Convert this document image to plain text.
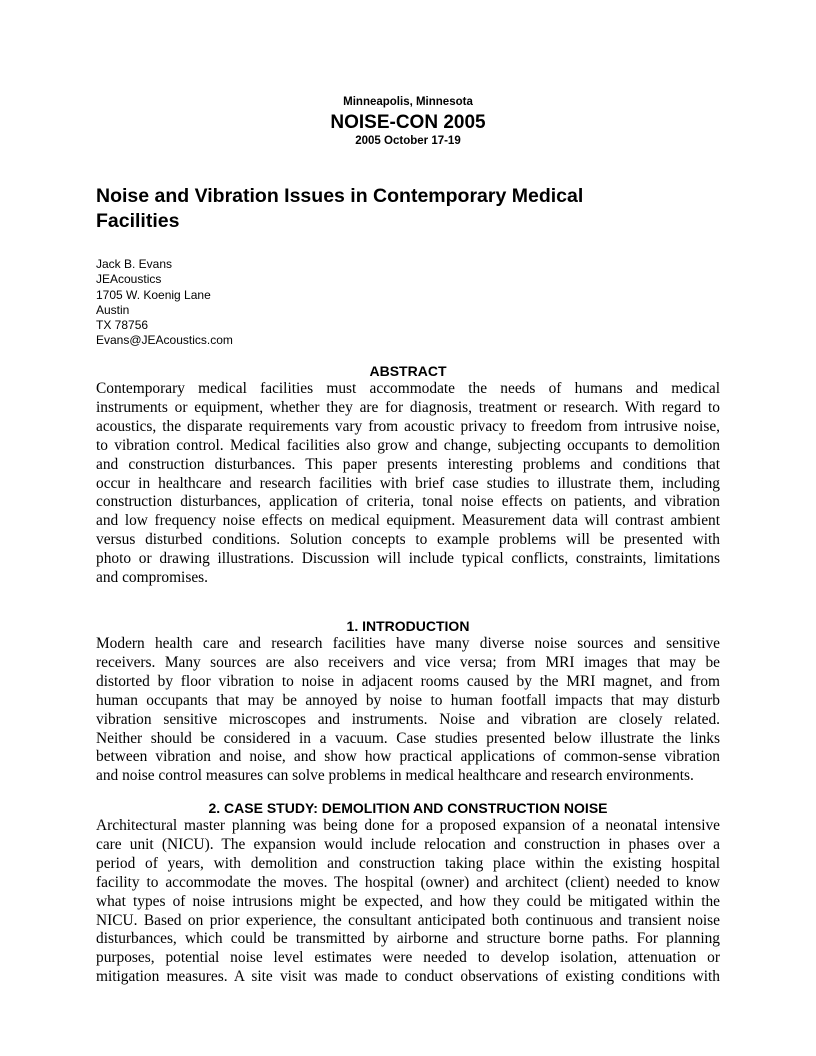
Minneapolis, Minnesota
NOISE-CON 2005
2005 October 17-19
Noise and Vibration Issues in Contemporary Medical
Facilities
Jack B. Evans
JEAcoustics
1705 W. Koenig Lane
Austin
TX 78756
Evans@JEAcoustics.com
ABSTRACT
Contemporary medical facilities must accommodate the needs of humans and medical
instruments or equipment, whether they are for diagnosis, treatment or research. With regard to
acoustics, the disparate requirements vary from acoustic privacy to freedom from intrusive noise,
to vibration control. Medical facilities also grow and change, subjecting occupants to demolition
and construction disturbances. This paper presents interesting problems and conditions that
occur in healthcare and research facilities with brief case studies to illustrate them, including
construction disturbances, application of criteria, tonal noise effects on patients, and vibration
and low frequency noise effects on medical equipment. Measurement data will contrast ambient
versus disturbed conditions. Solution concepts to example problems will be presented with
photo or drawing illustrations. Discussion will include typical conflicts, constraints, limitations
and compromises.
1. INTRODUCTION
Modern health care and research facilities have many diverse noise sources and sensitive
receivers. Many sources are also receivers and vice versa; from MRI images that may be
distorted by floor vibration to noise in adjacent rooms caused by the MRI magnet, and from
human occupants that may be annoyed by noise to human footfall impacts that may disturb
vibration sensitive microscopes and instruments. Noise and vibration are closely related.
Neither should be considered in a vacuum. Case studies presented below illustrate the links
between vibration and noise, and show how practical applications of common-sense vibration
and noise control measures can solve problems in medical healthcare and research environments.
2. CASE STUDY: DEMOLITION AND CONSTRUCTION NOISE
Architectural master planning was being done for a proposed expansion of a neonatal intensive
care unit (NICU). The expansion would include relocation and construction in phases over a
period of years, with demolition and construction taking place within the existing hospital
facility to accommodate the moves. The hospital (owner) and architect (client) needed to know
what types of noise intrusions might be expected, and how they could be mitigated within the
NICU. Based on prior experience, the consultant anticipated both continuous and transient noise
disturbances, which could be transmitted by airborne and structure borne paths. For planning
purposes, potential noise level estimates were needed to develop isolation, attenuation or
mitigation measures. A site visit was made to conduct observations of existing conditions with
